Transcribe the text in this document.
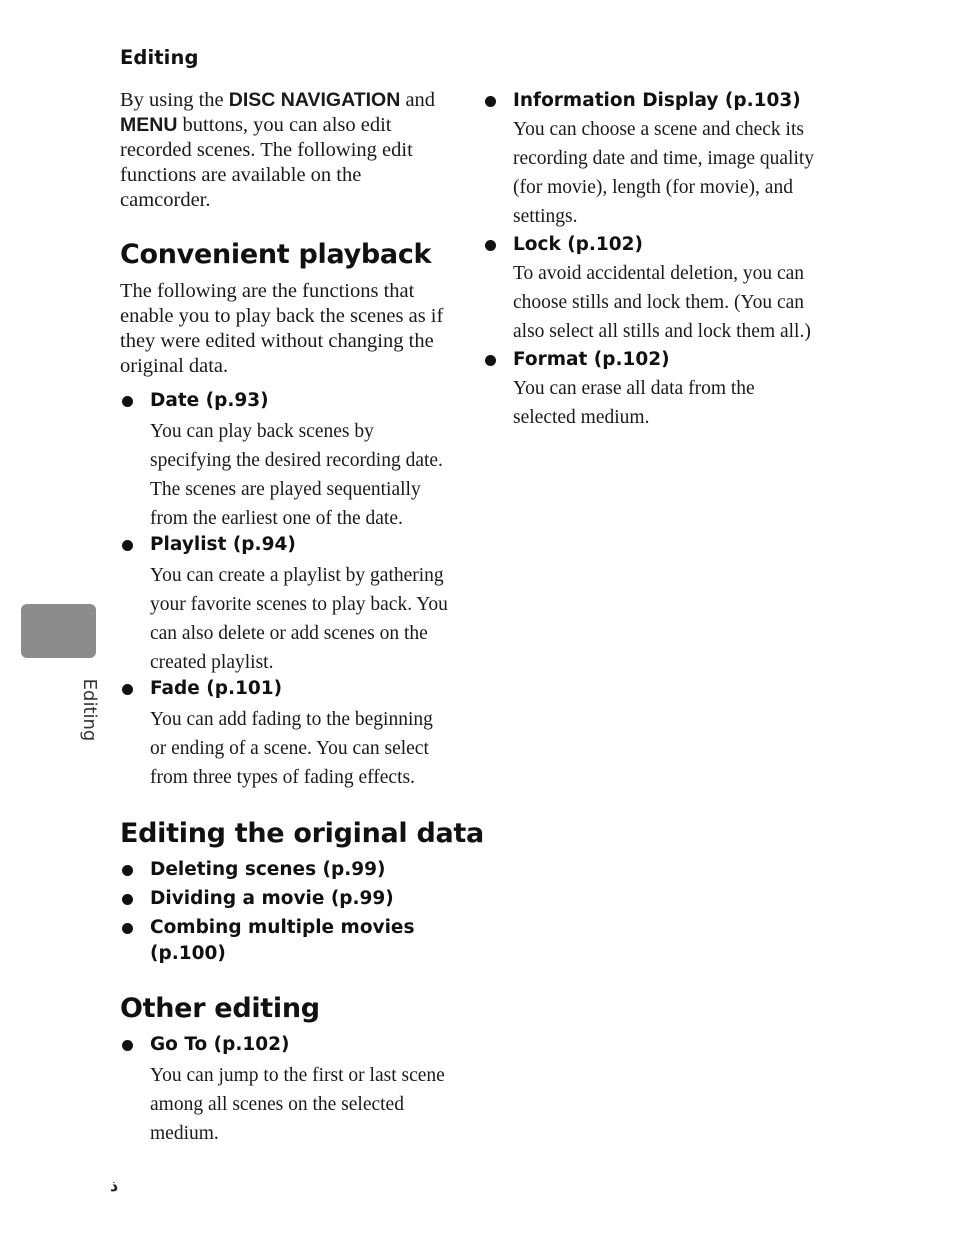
Editing
Editing
By using the DISC NAVIGATION and MENU buttons, you can also edit recorded scenes. The following edit functions are available on the camcorder.
Convenient playback
The following are the functions that enable you to play back the scenes as if they were edited without changing the original data.
Date (p.93)
You can play back scenes by specifying the desired recording date. The scenes are played sequentially from the earliest one of the date.
Playlist (p.94)
You can create a playlist by gathering your favorite scenes to play back. You can also delete or add scenes on the created playlist.
Fade (p.101)
You can add fading to the beginning or ending of a scene. You can select from three types of fading effects.
Editing the original data
Deleting scenes (p.99)
Dividing a movie (p.99)
Combing multiple movies (p.100)
Other editing
Go To (p.102)
You can jump to the first or last scene among all scenes on the selected medium.
Information Display (p.103)
You can choose a scene and check its recording date and time, image quality (for movie), length (for movie), and settings.
Lock (p.102)
To avoid accidental deletion, you can choose stills and lock them. (You can also select all stills and lock them all.)
Format (p.102)
You can erase all data from the selected medium.
ذ
